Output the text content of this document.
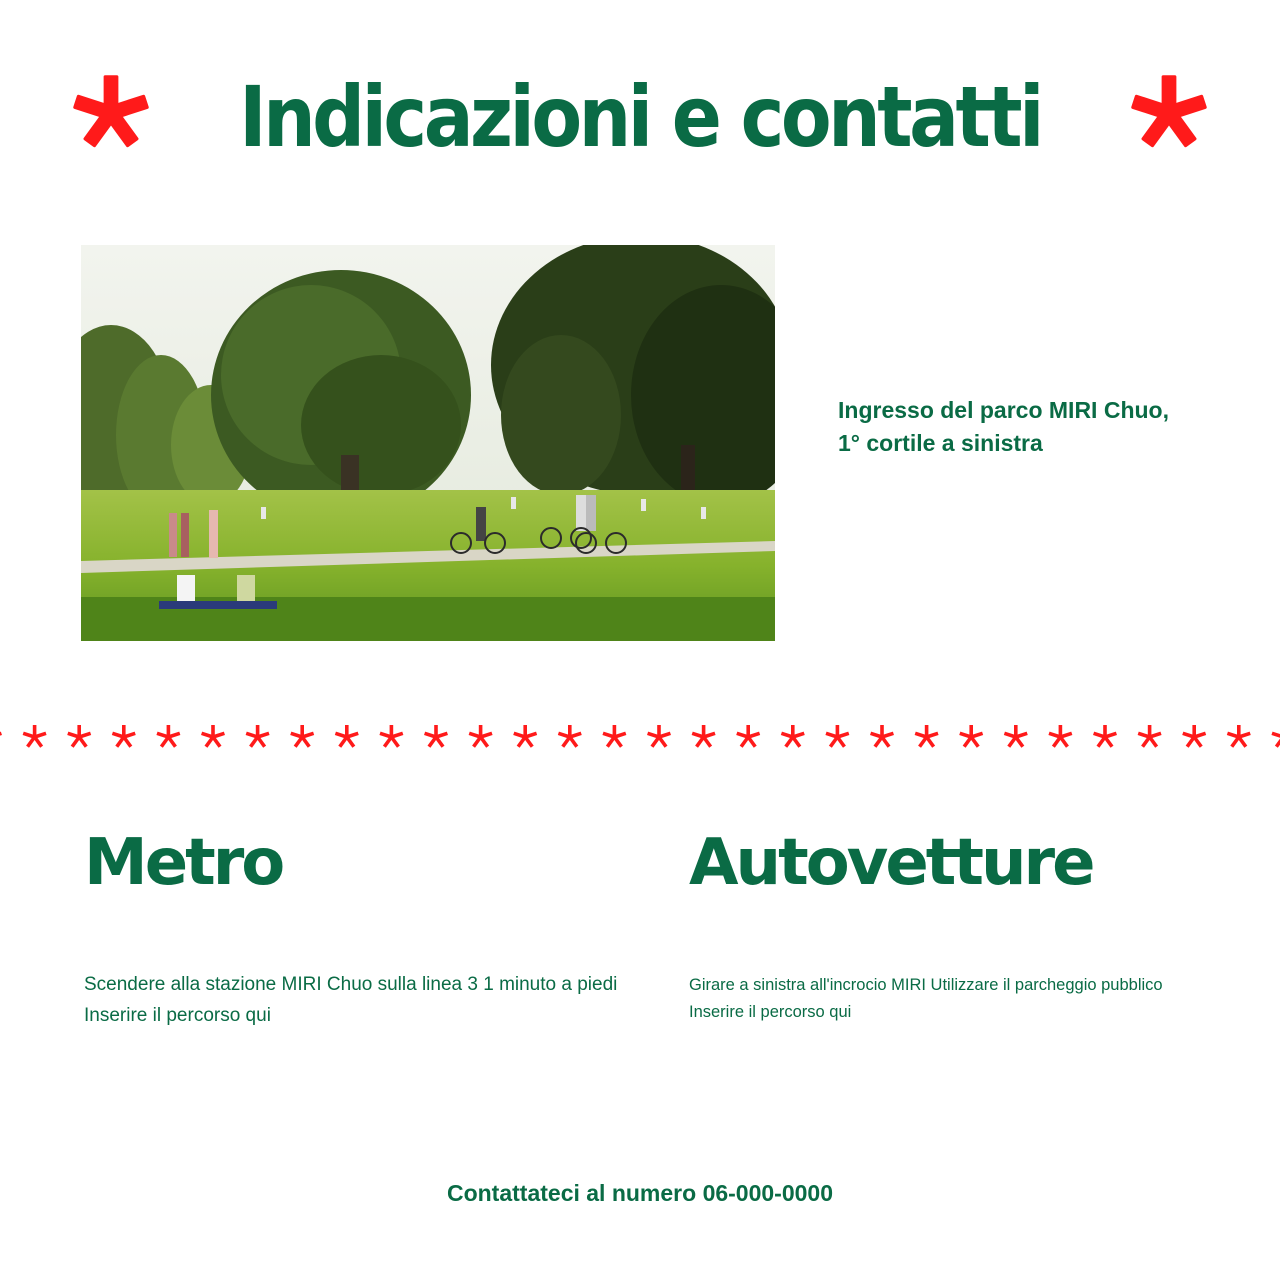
Indicazioni e contatti
Ingresso del parco MIRI Chuo,
1° cortile a sinistra
Metro	Autovetture
Scendere alla stazione MIRI Chuo sulla linea 3 1 minuto a piedi
Inserire il percorso qui
Girare a sinistra all'incrocio MIRI Utilizzare il parcheggio pubblico
Inserire il percorso qui
Contattateci al numero 06-000-0000
